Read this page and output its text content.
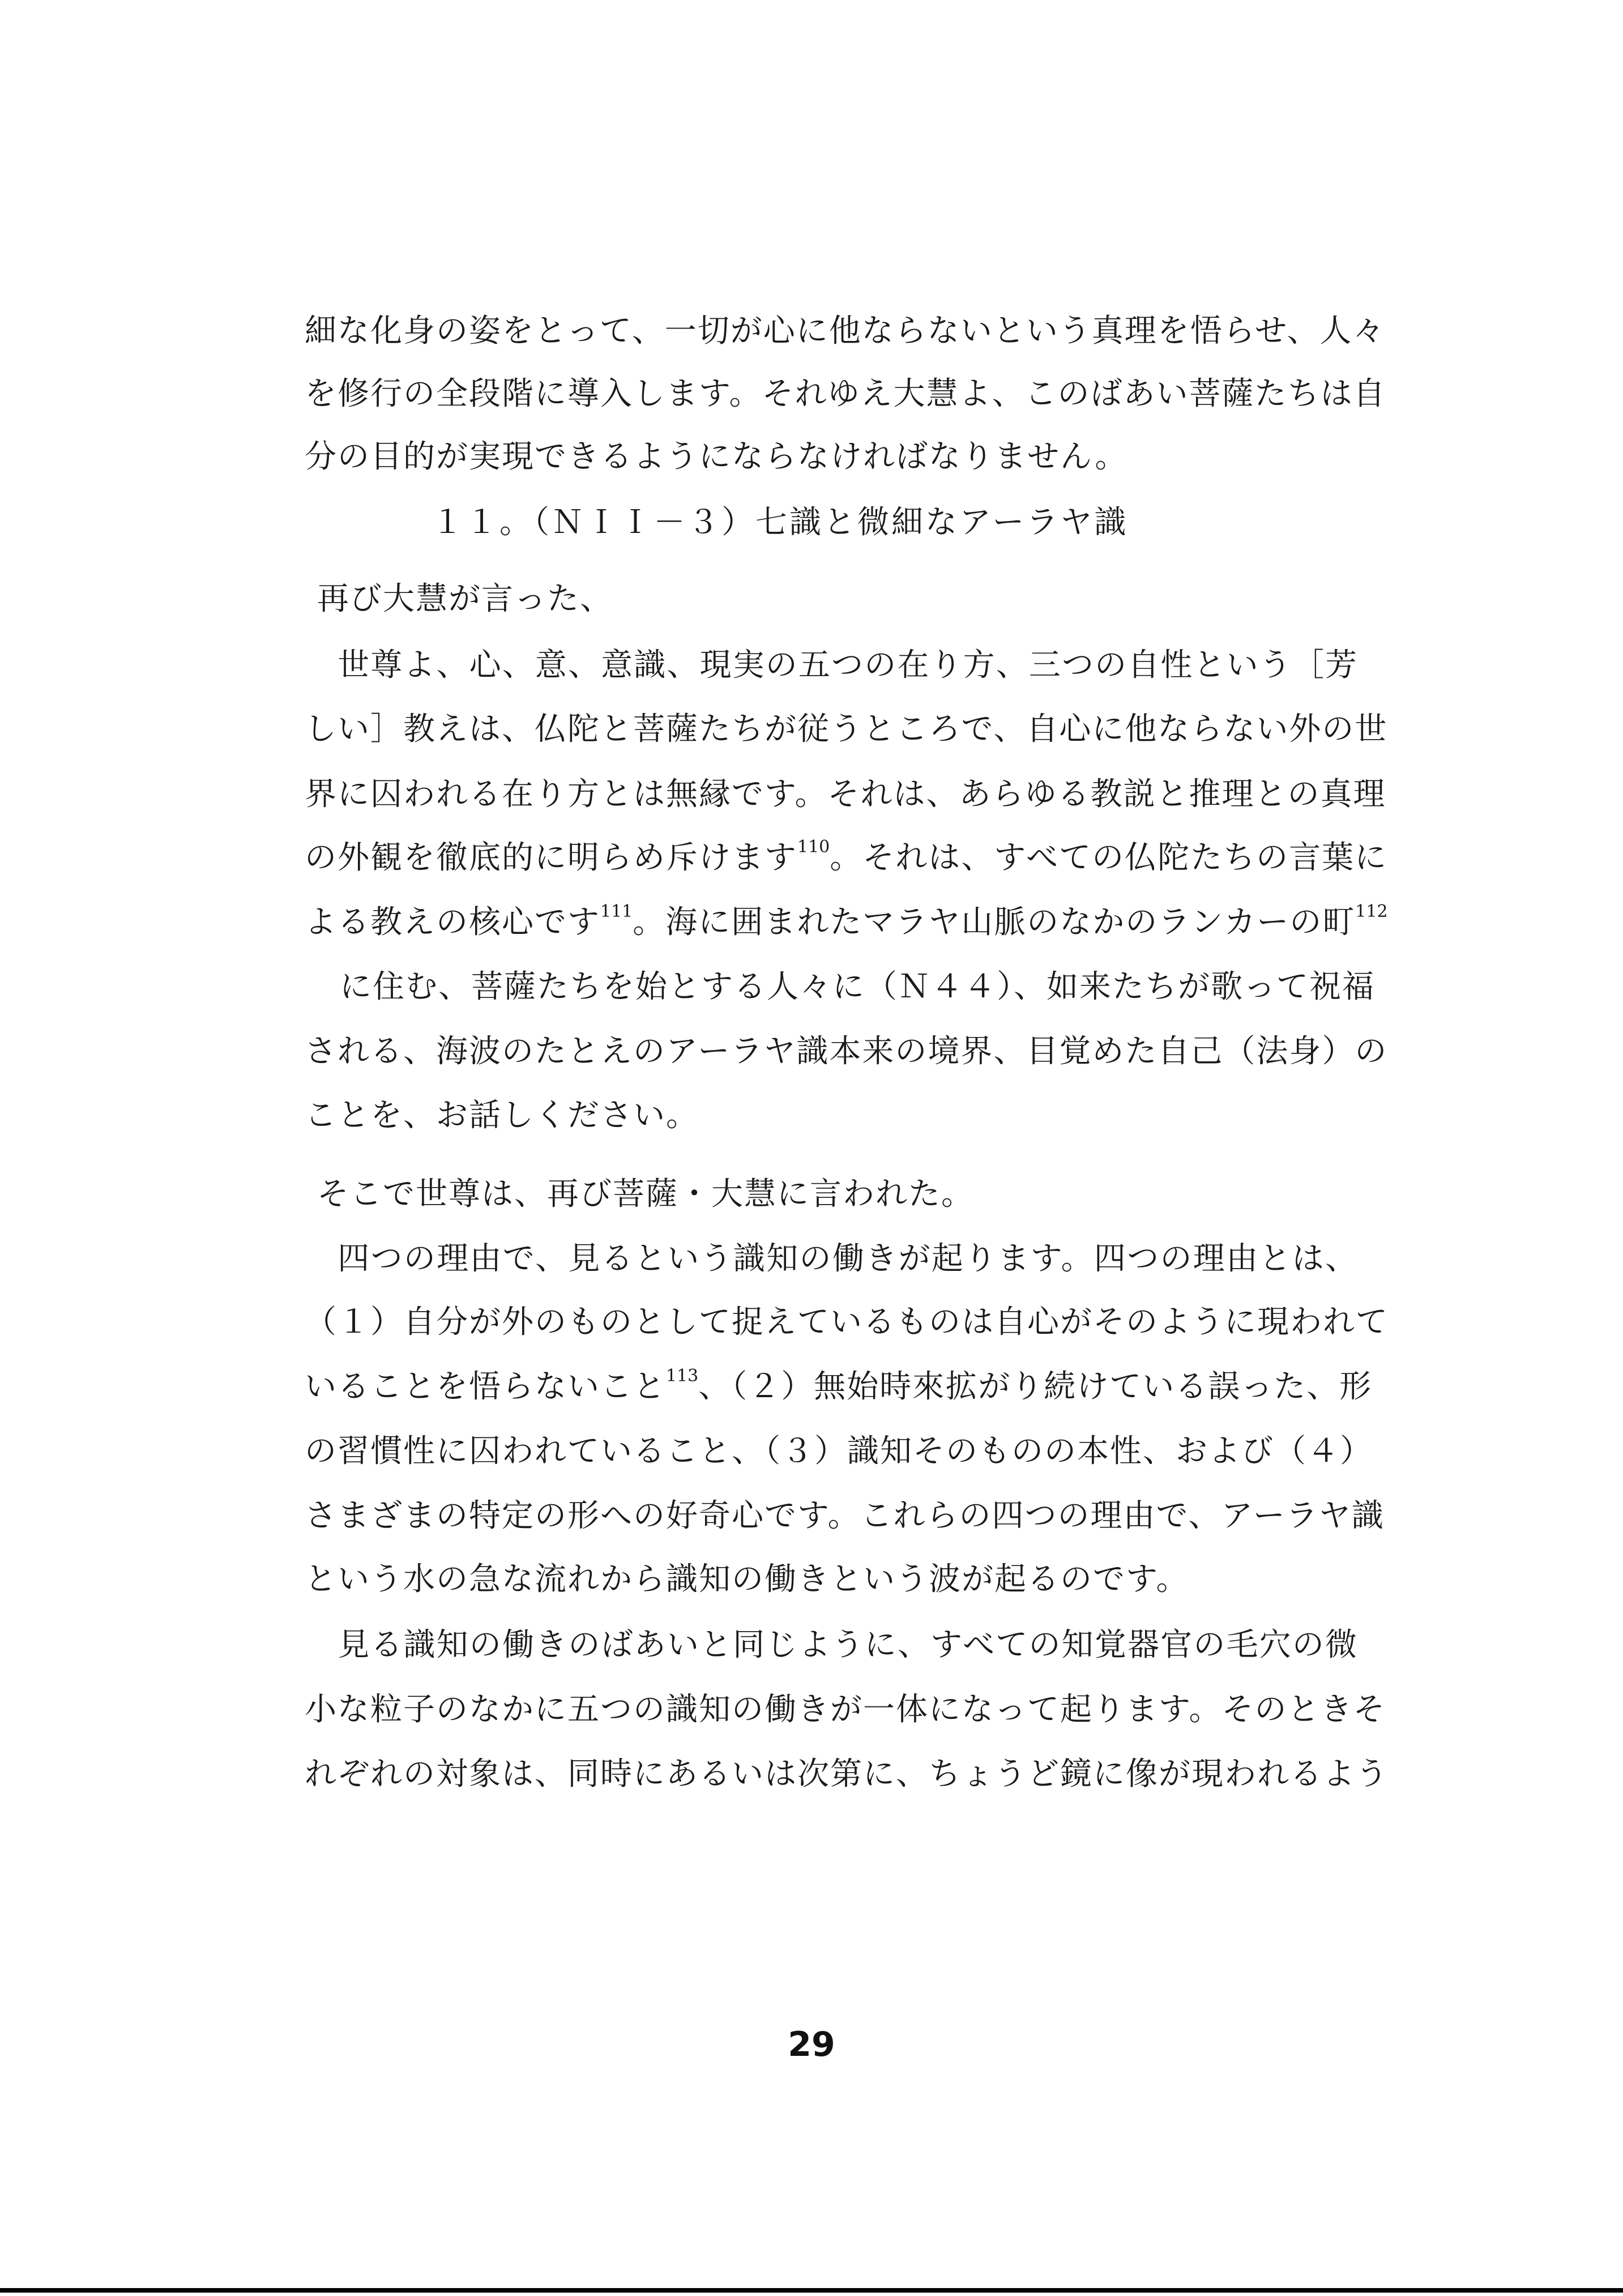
細な化身の姿をとって、一切が心に他ならないという真理を悟らせ、人々
を修行の全段階に導入します。それゆえ大慧よ、このばあい菩薩たちは自
分の目的が実現できるようにならなければなりません。
１１。（ＮＩＩ－３）七識と微細なアーラヤ識
再び大慧が言った、
　世尊よ、心、意、意識、現実の五つの在り方、三つの自性という［芳
しい］教えは、仏陀と菩薩たちが従うところで、自心に他ならない外の世
界に囚われる在り方とは無縁です。それは、あらゆる教説と推理との真理
の外観を徹底的に明らめ斥けます$^{110}$。それは、すべての仏陀たちの言葉に
よる教えの核心です$^{111}$。海に囲まれたマラヤ山脈のなかのランカーの町$^{112}$
に住む、菩薩たちを始とする人々に（Ｎ４４）、如来たちが歌って祝福
される、海波のたとえのアーラヤ識本来の境界、目覚めた自己（法身）の
ことを、お話しください。
そこで世尊は、再び菩薩・大慧に言われた。
　四つの理由で、見るという識知の働きが起ります。四つの理由とは、
（１）自分が外のものとして捉えているものは自心がそのように現われて
いることを悟らないこと$^{113}$、（２）無始時來拡がり続けている誤った、形
の習慣性に囚われていること、（３）識知そのものの本性、および（４）
さまざまの特定の形への好奇心です。これらの四つの理由で、アーラヤ識
という水の急な流れから識知の働きという波が起るのです。
　見る識知の働きのばあいと同じように、すべての知覚器官の毛穴の微
小な粒子のなかに五つの識知の働きが一体になって起ります。そのときそ
れぞれの対象は、同時にあるいは次第に、ちょうど鏡に像が現われるよう
29
